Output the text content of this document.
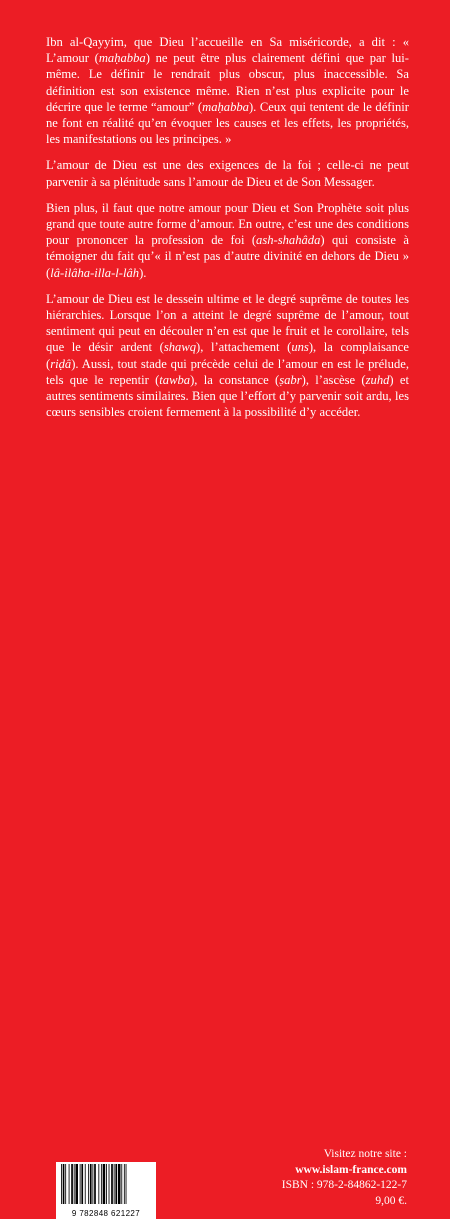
Ibn al-Qayyim, que Dieu l’accueille en Sa miséricorde, a dit : « L’amour (maḥabba) ne peut être plus clairement défini que par lui-même. Le définir le rendrait plus obscur, plus inaccessible. Sa définition est son existence même. Rien n’est plus explicite pour le décrire que le terme “amour” (maḥabba). Ceux qui tentent de le définir ne font en réalité qu’en évoquer les causes et les effets, les propriétés, les manifestations ou les principes. »

L’amour de Dieu est une des exigences de la foi ; celle-ci ne peut parvenir à sa plénitude sans l’amour de Dieu et de Son Messager.

Bien plus, il faut que notre amour pour Dieu et Son Prophète soit plus grand que toute autre forme d’amour. En outre, c’est une des conditions pour prononcer la profession de foi (ash-shahâda) qui consiste à témoigner du fait qu’« il n’est pas d’autre divinité en dehors de Dieu » (lâ-ilâha-illa-l-lâh).

L’amour de Dieu est le dessein ultime et le degré suprême de toutes les hiérarchies. Lorsque l’on a atteint le degré suprême de l’amour, tout sentiment qui peut en découler n’en est que le fruit et le corollaire, tels que le désir ardent (shawq), l’attachement (uns), la complaisance (riḍâ). Aussi, tout stade qui précède celui de l’amour en est le prélude, tels que le repentir (tawba), la constance (ṣabr), l’ascèse (zuhd) et autres sentiments similaires. Bien que l’effort d’y parvenir soit ardu, les cœurs sensibles croient fermement à la possibilité d’y accéder.

9 782848 621227
Visitez notre site :
www.islam-france.com
ISBN : 978-2-84862-122-7
9,00 €.
